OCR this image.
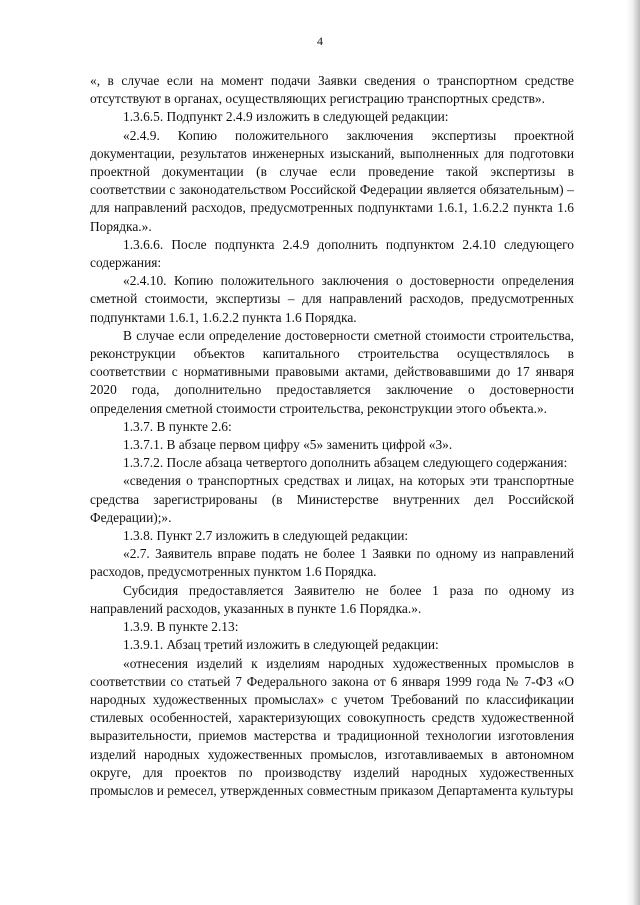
4

«, в случае если на момент подачи Заявки сведения о транспортном средстве отсутствуют в органах, осуществляющих регистрацию транспортных средств».

1.3.6.5. Подпункт 2.4.9 изложить в следующей редакции:

«2.4.9. Копию положительного заключения экспертизы проектной документации, результатов инженерных изысканий, выполненных для подготовки проектной документации (в случае если проведение такой экспертизы в соответствии с законодательством Российской Федерации является обязательным) – для направлений расходов, предусмотренных подпунктами 1.6.1, 1.6.2.2 пункта 1.6 Порядка.».

1.3.6.6. После подпункта 2.4.9 дополнить подпунктом 2.4.10 следующего содержания:

«2.4.10. Копию положительного заключения о достоверности определения сметной стоимости, экспертизы – для направлений расходов, предусмотренных подпунктами 1.6.1, 1.6.2.2 пункта 1.6 Порядка.

В случае если определение достоверности сметной стоимости строительства, реконструкции объектов капитального строительства осуществлялось в соответствии с нормативными правовыми актами, действовавшими до 17 января 2020 года, дополнительно предоставляется заключение о достоверности определения сметной стоимости строительства, реконструкции этого объекта.».

1.3.7. В пункте 2.6:

1.3.7.1. В абзаце первом цифру «5» заменить цифрой «3».

1.3.7.2. После абзаца четвертого дополнить абзацем следующего содержания:

«сведения о транспортных средствах и лицах, на которых эти транспортные средства зарегистрированы (в Министерстве внутренних дел Российской Федерации);».

1.3.8. Пункт 2.7 изложить в следующей редакции:

«2.7. Заявитель вправе подать не более 1 Заявки по одному из направлений расходов, предусмотренных пунктом 1.6 Порядка.

Субсидия предоставляется Заявителю не более 1 раза по одному из направлений расходов, указанных в пункте 1.6 Порядка.».

1.3.9. В пункте 2.13:

1.3.9.1. Абзац третий изложить в следующей редакции:

«отнесения изделий к изделиям народных художественных промыслов в соответствии со статьей 7 Федерального закона от 6 января 1999 года № 7-ФЗ «О народных художественных промыслах» с учетом Требований по классификации стилевых особенностей, характеризующих совокупность средств художественной выразительности, приемов мастерства и традиционной технологии изготовления изделий народных художественных промыслов, изготавливаемых в автономном округе, для проектов по производству изделий народных художественных промыслов и ремесел, утвержденных совместным приказом Департамента культуры
